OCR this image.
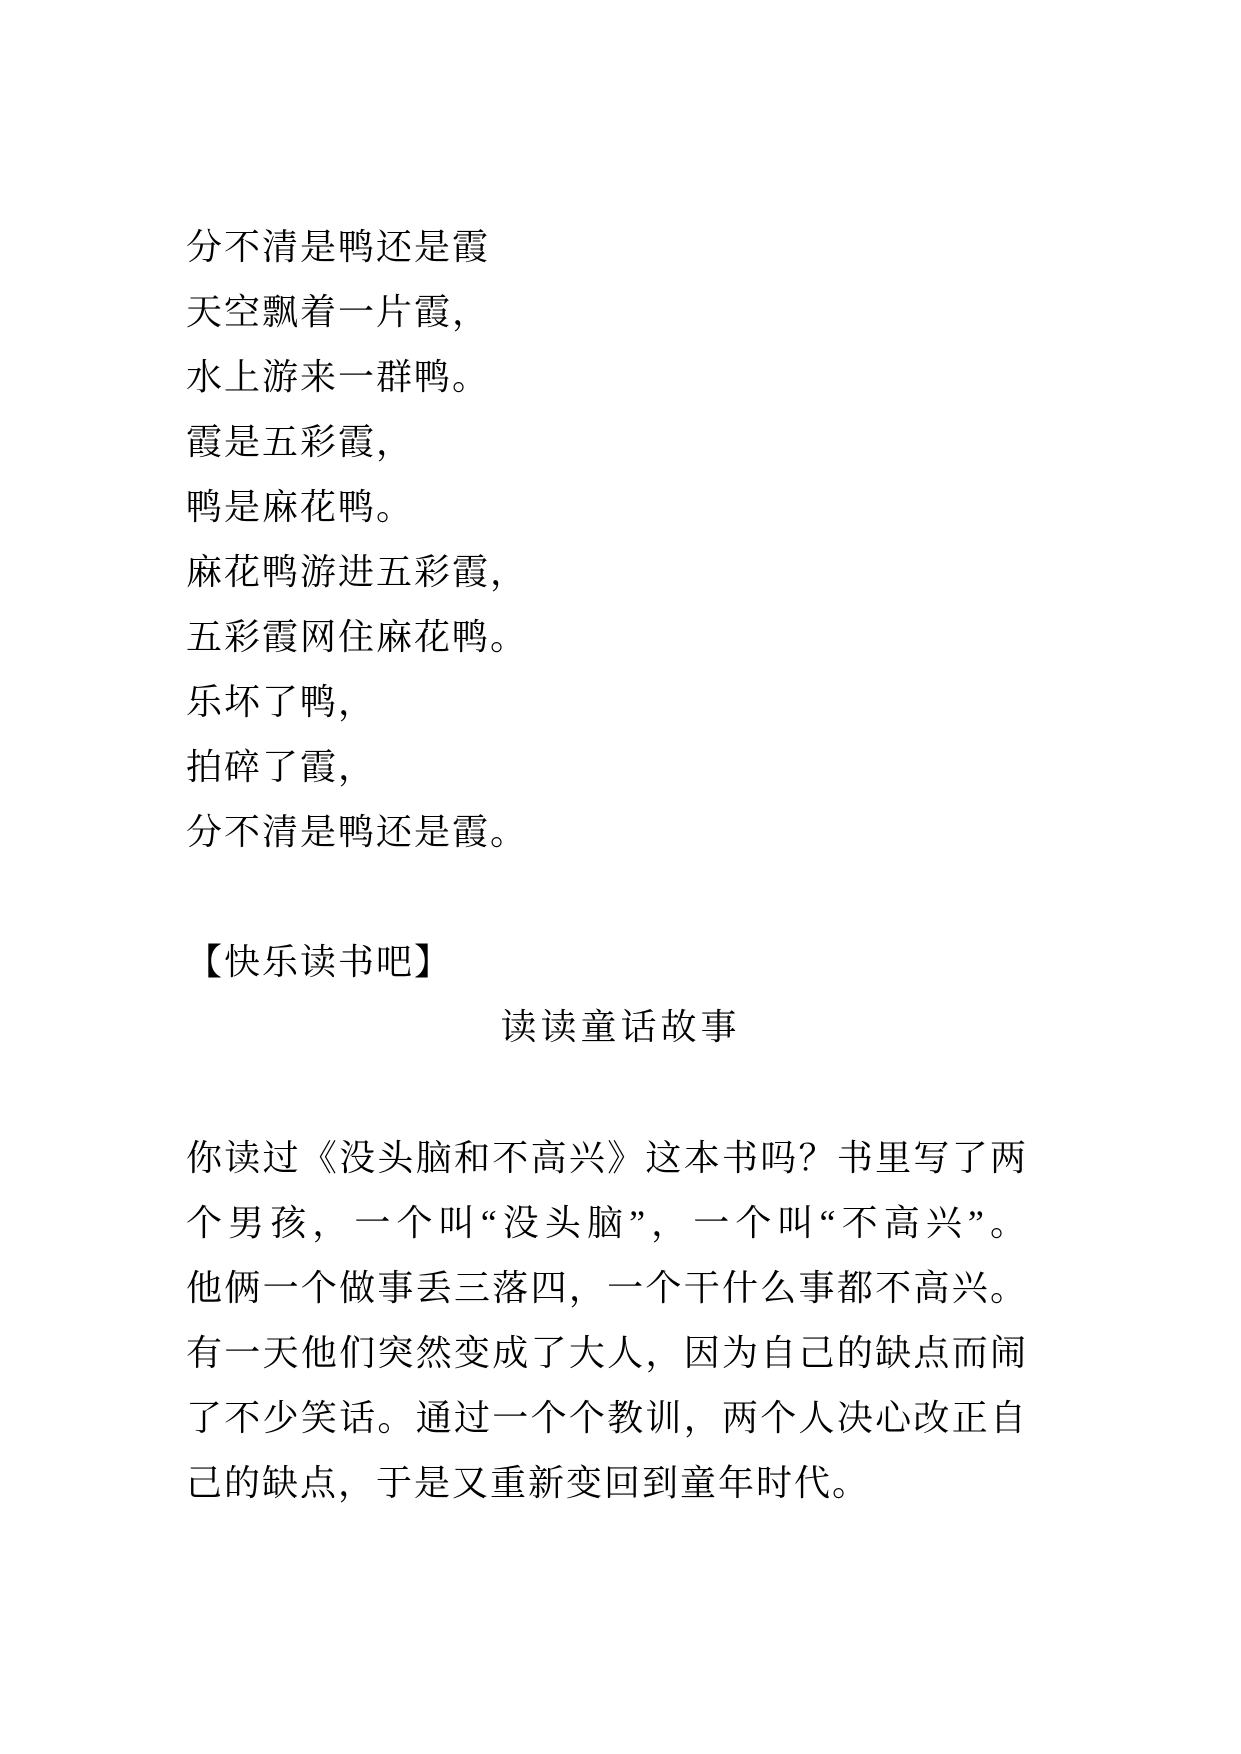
分不清是鸭还是霞
天空飘着一片霞，
水上游来一群鸭。
霞是五彩霞，
鸭是麻花鸭。
麻花鸭游进五彩霞，
五彩霞网住麻花鸭。
乐坏了鸭，
拍碎了霞，
分不清是鸭还是霞。
【快乐读书吧】
读读童话故事
你读过《没头脑和不高兴》这本书吗？书里写了两
个男孩，一个叫“没头脑”，一个叫“不高兴”。
他俩一个做事丢三落四，一个干什么事都不高兴。
有一天他们突然变成了大人，因为自己的缺点而闹
了不少笑话。通过一个个教训，两个人决心改正自
己的缺点，于是又重新变回到童年时代。
